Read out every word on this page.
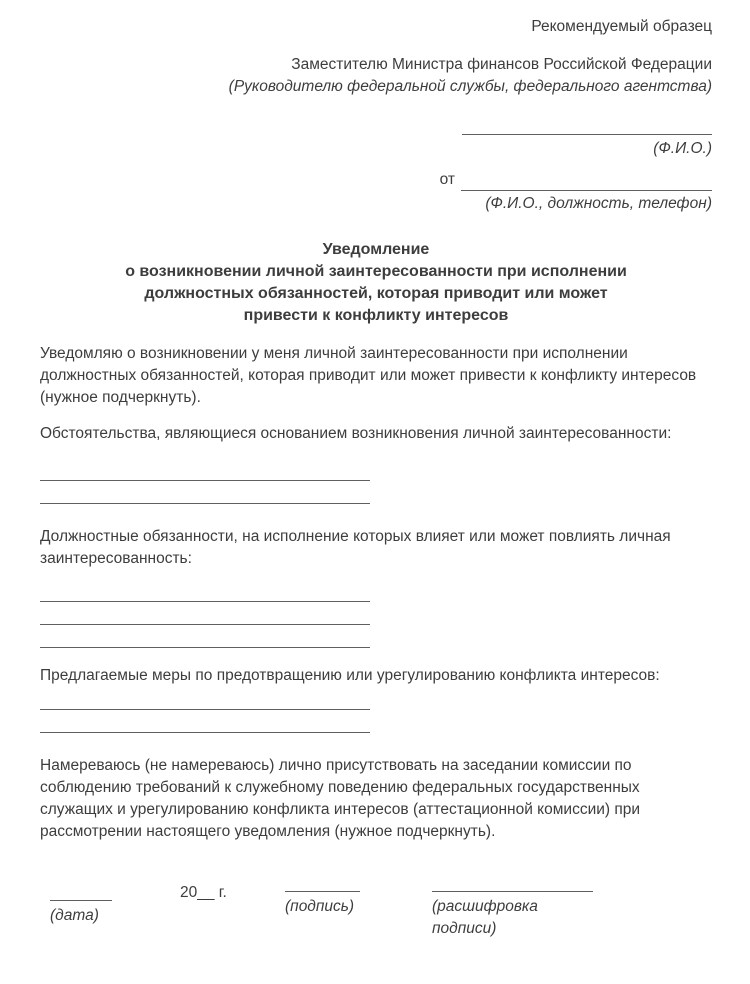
Рекомендуемый образец
Заместителю Министра финансов Российской Федерации
(Руководителю федеральной службы, федерального агентства)
(Ф.И.О.)
от
(Ф.И.О., должность, телефон)
Уведомление
о возникновении личной заинтересованности при исполнении
должностных обязанностей, которая приводит или может
привести к конфликту интересов

Уведомляю о возникновении у меня личной заинтересованности при исполнении должностных обязанностей, которая приводит или может привести к конфликту интересов (нужное подчеркнуть).

Обстоятельства, являющиеся основанием возникновения личной заинтересованности:

Должностные обязанности, на исполнение которых влияет или может повлиять личная заинтересованность:

Предлагаемые меры по предотвращению или урегулированию конфликта интересов:

Намереваюсь (не намереваюсь) лично присутствовать на заседании комиссии по соблюдению требований к служебному поведению федеральных государственных служащих и урегулированию конфликта интересов (аттестационной комиссии) при рассмотрении настоящего уведомления (нужное подчеркнуть).

(дата)
20__ г.
(подпись)	(расшифровка подписи)
